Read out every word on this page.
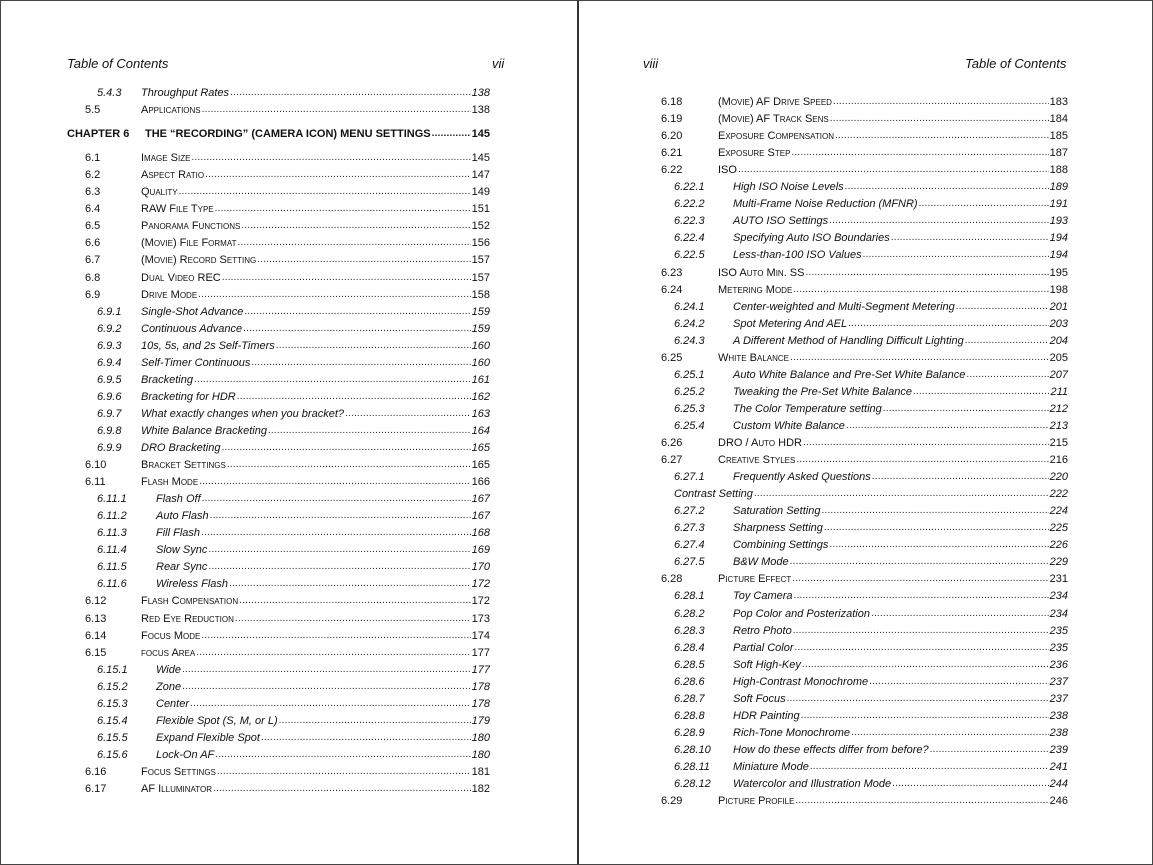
Table of Contents	vii
5.4.3 Throughput Rates .....	138
5.5	Applications .....	138
CHAPTER 6 THE “RECORDING” (CAMERA ICON) MENU SETTINGS .....	145
6.1	Image Size .....	145
6.2	Aspect Ratio .....	147
6.3	Quality .....	149
6.4	RAW File Type .....	151
6.5	Panorama Functions .....	152
6.6	(Movie) File Format .....	156
6.7	(Movie) Record Setting .....	157
6.8	Dual Video REC .....	157
6.9	Drive Mode .....	158
6.9.1 Single-Shot Advance .....	159
6.9.2 Continuous Advance .....	159
6.9.3 10s, 5s, and 2s Self-Timers .....	160
6.9.4 Self-Timer Continuous .....	160
6.9.5 Bracketing .....	161
6.9.6 Bracketing for HDR .....	162
6.9.7 What exactly changes when you bracket? .....	163
6.9.8 White Balance Bracketing .....	164
6.9.9 DRO Bracketing .....	165
6.10	Bracket Settings .....	165
6.11	Flash Mode .....	166
6.11.1	Flash Off .....	167
6.11.2	Auto Flash .....	167
6.11.3	Fill Flash .....	168
6.11.4	Slow Sync .....	169
6.11.5	Rear Sync .....	170
6.11.6	Wireless Flash .....	172
6.12	Flash Compensation .....	172
6.13	Red Eye Reduction .....	173
6.14	Focus Mode .....	174
6.15	focus Area .....	177
6.15.1	Wide .....	177
6.15.2	Zone .....	178
6.15.3	Center .....	178
6.15.4	Flexible Spot (S, M, or L) .....	179
6.15.5	Expand Flexible Spot .....	180
6.15.6	Lock-On AF .....	180
6.16	Focus Settings .....	181
6.17	AF Illuminator .....	182
viii	Table of Contents
6.18	(Movie) AF Drive Speed .....	183
6.19	(Movie) AF Track Sens .....	184
6.20	Exposure Compensation .....	185
6.21	Exposure Step .....	187
6.22	ISO .....	188
6.22.1	High ISO Noise Levels .....	189
6.22.2	Multi-Frame Noise Reduction (MFNR) .....	191
6.22.3	AUTO ISO Settings .....	193
6.22.4	Specifying Auto ISO Boundaries .....	194
6.22.5	Less-than-100 ISO Values .....	194
6.23	ISO Auto Min. SS .....	195
6.24	Metering Mode .....	198
6.24.1	Center-weighted and Multi-Segment Metering .....	201
6.24.2	Spot Metering And AEL .....	203
6.24.3	A Different Method of Handling Difficult Lighting .....	204
6.25	White Balance .....	205
6.25.1	Auto White Balance and Pre-Set White Balance .....	207
6.25.2	Tweaking the Pre-Set White Balance .....	211
6.25.3	The Color Temperature setting .....	212
6.25.4	Custom White Balance .....	213
6.26	DRO / Auto HDR .....	215
6.27	Creative Styles .....	216
6.27.1	Frequently Asked Questions .....	220
Contrast Setting .....	222
6.27.2	Saturation Setting .....	224
6.27.3	Sharpness Setting .....	225
6.27.4	Combining Settings .....	226
6.27.5	B&W Mode .....	229
6.28	Picture Effect .....	231
6.28.1	Toy Camera .....	234
6.28.2	Pop Color and Posterization .....	234
6.28.3	Retro Photo .....	235
6.28.4	Partial Color .....	235
6.28.5	Soft High-Key .....	236
6.28.6	High-Contrast Monochrome .....	237
6.28.7	Soft Focus .....	237
6.28.8	HDR Painting .....	238
6.28.9	Rich-Tone Monochrome .....	238
6.28.10 How do these effects differ from before? .....	239
6.28.11 Miniature Mode .....	241
6.28.12 Watercolor and Illustration Mode .....	244
6.29	Picture Profile .....	246
